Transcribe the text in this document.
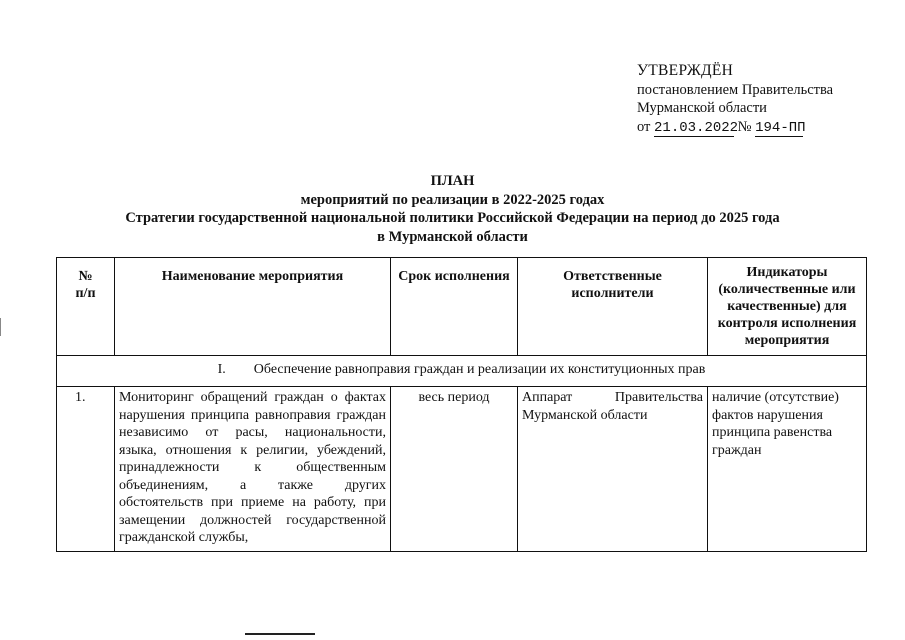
УТВЕРЖДЁН
постановлением Правительства
Мурманской области
от 21.03.2022 № 194-ПП
ПЛАН
мероприятий по реализации в 2022-2025 годах
Стратегии государственной национальной политики Российской Федерации на период до 2025 года
в Мурманской области
№ п/п	Наименование мероприятия	Срок исполнения	Ответственные исполнители	Индикаторы (количественные или качественные) для контроля исполнения мероприятия
I. Обеспечение равноправия граждан и реализации их конституционных прав				
1.	Мониторинг обращений граждан о фактах нарушения принципа равноправия граждан независимо от расы, национальности, языка, отношения к религии, убеждений, принадлежности к общественным объединениям, а также других обстоятельств при приеме на работу, при замещении должностей государственной гражданской службы,	весь период	Аппарат Правительства Мурманской области	наличие (отсутствие) фактов нарушения принципа равенства граждан
